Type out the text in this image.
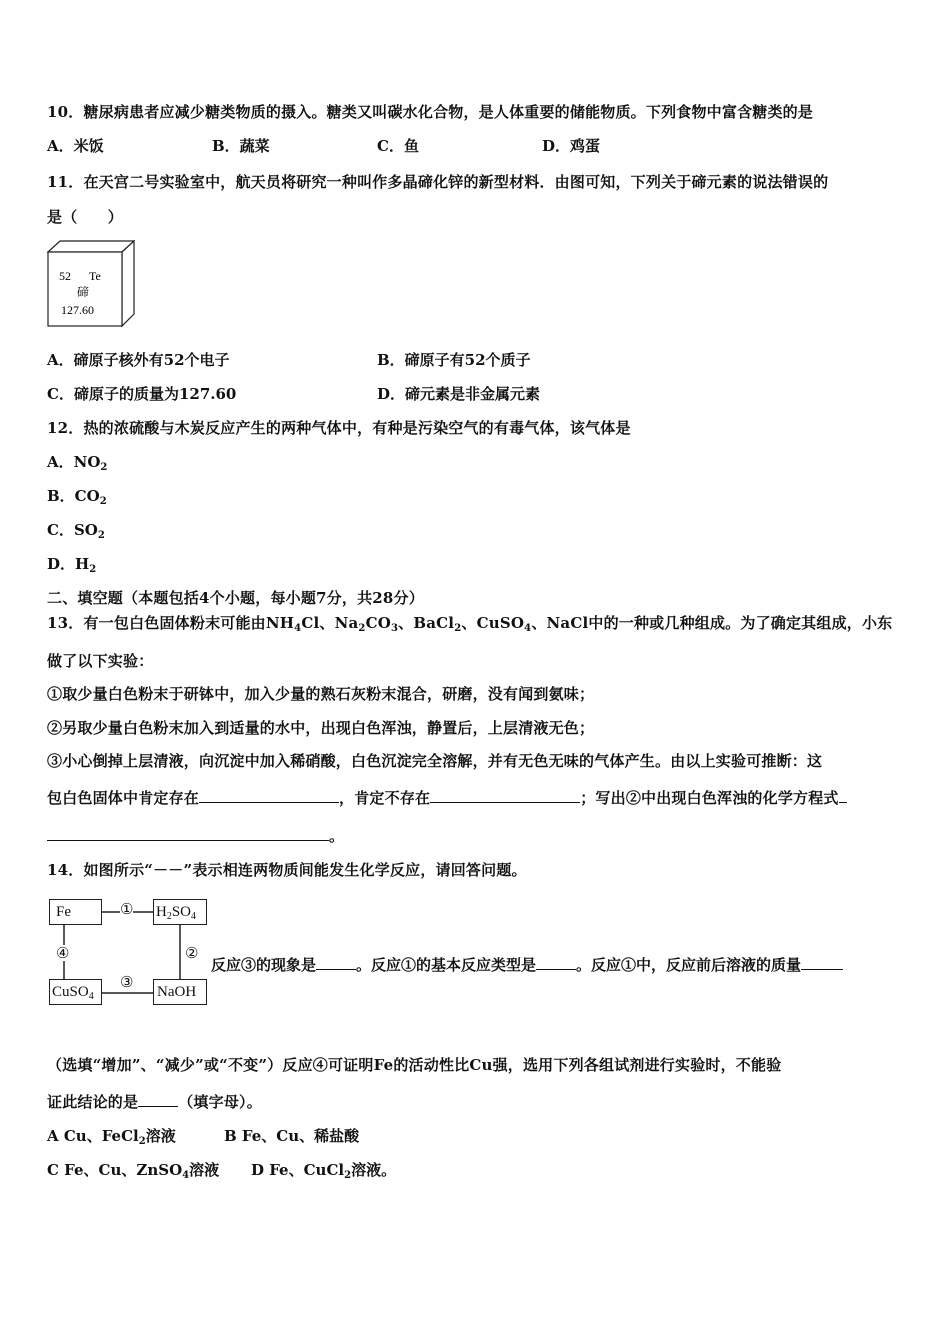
10．糖尿病患者应减少糖类物质的摄入。糖类又叫碳水化合物，是人体重要的储能物质。下列食物中富含糖类的是
A．米饭	B．蔬菜	C．鱼	D．鸡蛋
11．在天宫二号实验室中，航天员将研究一种叫作多晶碲化锌的新型材料．由图可知，下列关于碲元素的说法错误的
是（　　）
52 Te
碲
127.60
A．碲原子核外有52个电子	B．碲原子有52个质子
C．碲原子的质量为127.60	D．碲元素是非金属元素
12．热的浓硫酸与木炭反应产生的两种气体中，有种是污染空气的有毒气体，该气体是
A．$NO_2$
B．$CO_2$
C．$SO_2$
D．$H_2$
二、填空题（本题包括4个小题，每小题7分，共28分）
13．有一包白色固体粉末可能由$NH_4Cl$、$Na_2CO_3$、BaCl$_2$、CuSO$_4$、NaCl中的一种或几种组成。为了确定其组成，小东
做了以下实验：
①取少量白色粉末于研钵中，加入少量的熟石灰粉末混合，研磨，没有闻到氨味；
②另取少量白色粉末加入到适量的水中，出现白色浑浊，静置后，上层清液无色；
③小心倒掉上层清液，向沉淀中加入稀硝酸，白色沉淀完全溶解，并有无色无味的气体产生。由以上实验可推断：这
包白色固体中肯定存在	，肯定不存在	；写出②中出现白色浑浊的化学方程式
。
14．如图所示“－－”表示相连两物质间能发生化学反应，请回答问题。
Fe	$H_2SO_4$
CuSO$_4$	NaOH
①
②
③
④
反应③的现象是	。反应①的基本反应类型是	。反应①中，反应前后溶液的质量
（选填“增加”、“减少”或“不变”）反应④可证明Fe的活动性比Cu强，选用下列各组试剂进行实验时，不能验
证此结论的是	（填字母）。
A Cu、FeCl$_2$溶液	B Fe、Cu、稀盐酸
C Fe、Cu、ZnSO$_4$溶液 D Fe、CuCl$_2$溶液。
